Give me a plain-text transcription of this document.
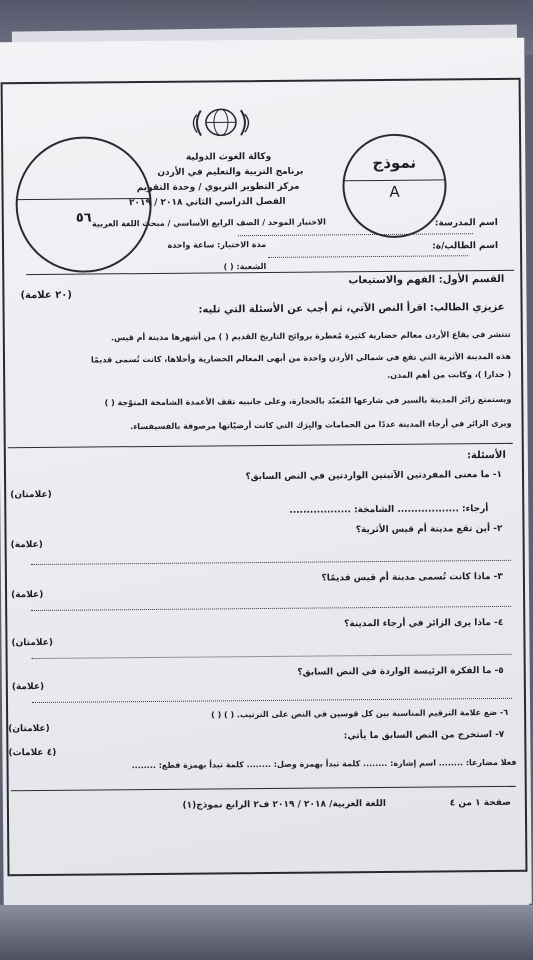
وكالة الغوث الدولية
برنامج التربية والتعليم في الأردن
مركز التطوير التربوي / وحدة التقويم
الفصل الدراسي الثاني ٢٠١٨ / ٢٠١٩
الاختبار الموحد / الصف الرابع الأساسي / مبحث اللغة العربية
مدة الاختبار: ساعة واحدة
الشعبة: ( )
اسم المدرسة:
اسم الطالب/ة:
٥٦
نموذج
A
القسم الأول: الفهم والاستيعاب
(٢٠ علامة)
عزيزي الطالب: اقرأ النص الآتي، ثم أجب عن الأسئلة التي تليه:
تنتشر في بقاع الأردن معالم حضارية كثيرة مُعطرة بروائح التاريخ القديم ( ) من أشهرها مدينة أم قيس.
هذه المدينة الأثرية التي تقع في شمالي الأردن واحدة من أبهى المعالم الحضارية وأحلاها، كانت تُسمى قديمًا
( جدارا )، وكانت من أهم المدن.
ويستمتع زائر المدينة بالسير في شارعها المُعبّد بالحجارة، وعلى جانبيه تقف الأعمدة الشامخة المتوّجة ( )
ويرى الزائر في أرجاء المدينة عددًا من الحمامات والبِرَك التي كانت أرضيّاتها مرصوفة بالفسيفساء.
الأسئلة:
١- ما معنى المفردتين الآتيتين الواردتين في النص السابق؟
(علامتان)
أرجاء: .................. الشامخة: ..................
٢- أين تقع مدينة أم قيس الأثرية؟
(علامة)
٣- ماذا كانت تُسمى مدينة أم قيس قديمًا؟
(علامة)
٤- ماذا يرى الزائر في أرجاء المدينة؟
(علامتان)
٥- ما الفكرة الرئيسة الواردة في النص السابق؟
(علامة)
٦- ضع علامة الترقيم المناسبة بين كل قوسين في النص على الترتيب. ( ) ( )
(علامتان)
٧- استخرج من النص السابق ما يأتي:
(٤ علامات)
فعلا مضارعا: ........ اسم إشارة: ........ كلمة تبدأ بهمزة وصل: ........ كلمة تبدأ بهمزة قطع: ........
صفحة ١ من ٤
اللغة العربية/ ٢٠١٨ / ٢٠١٩ ف٢ الرابع نموذج(١)
